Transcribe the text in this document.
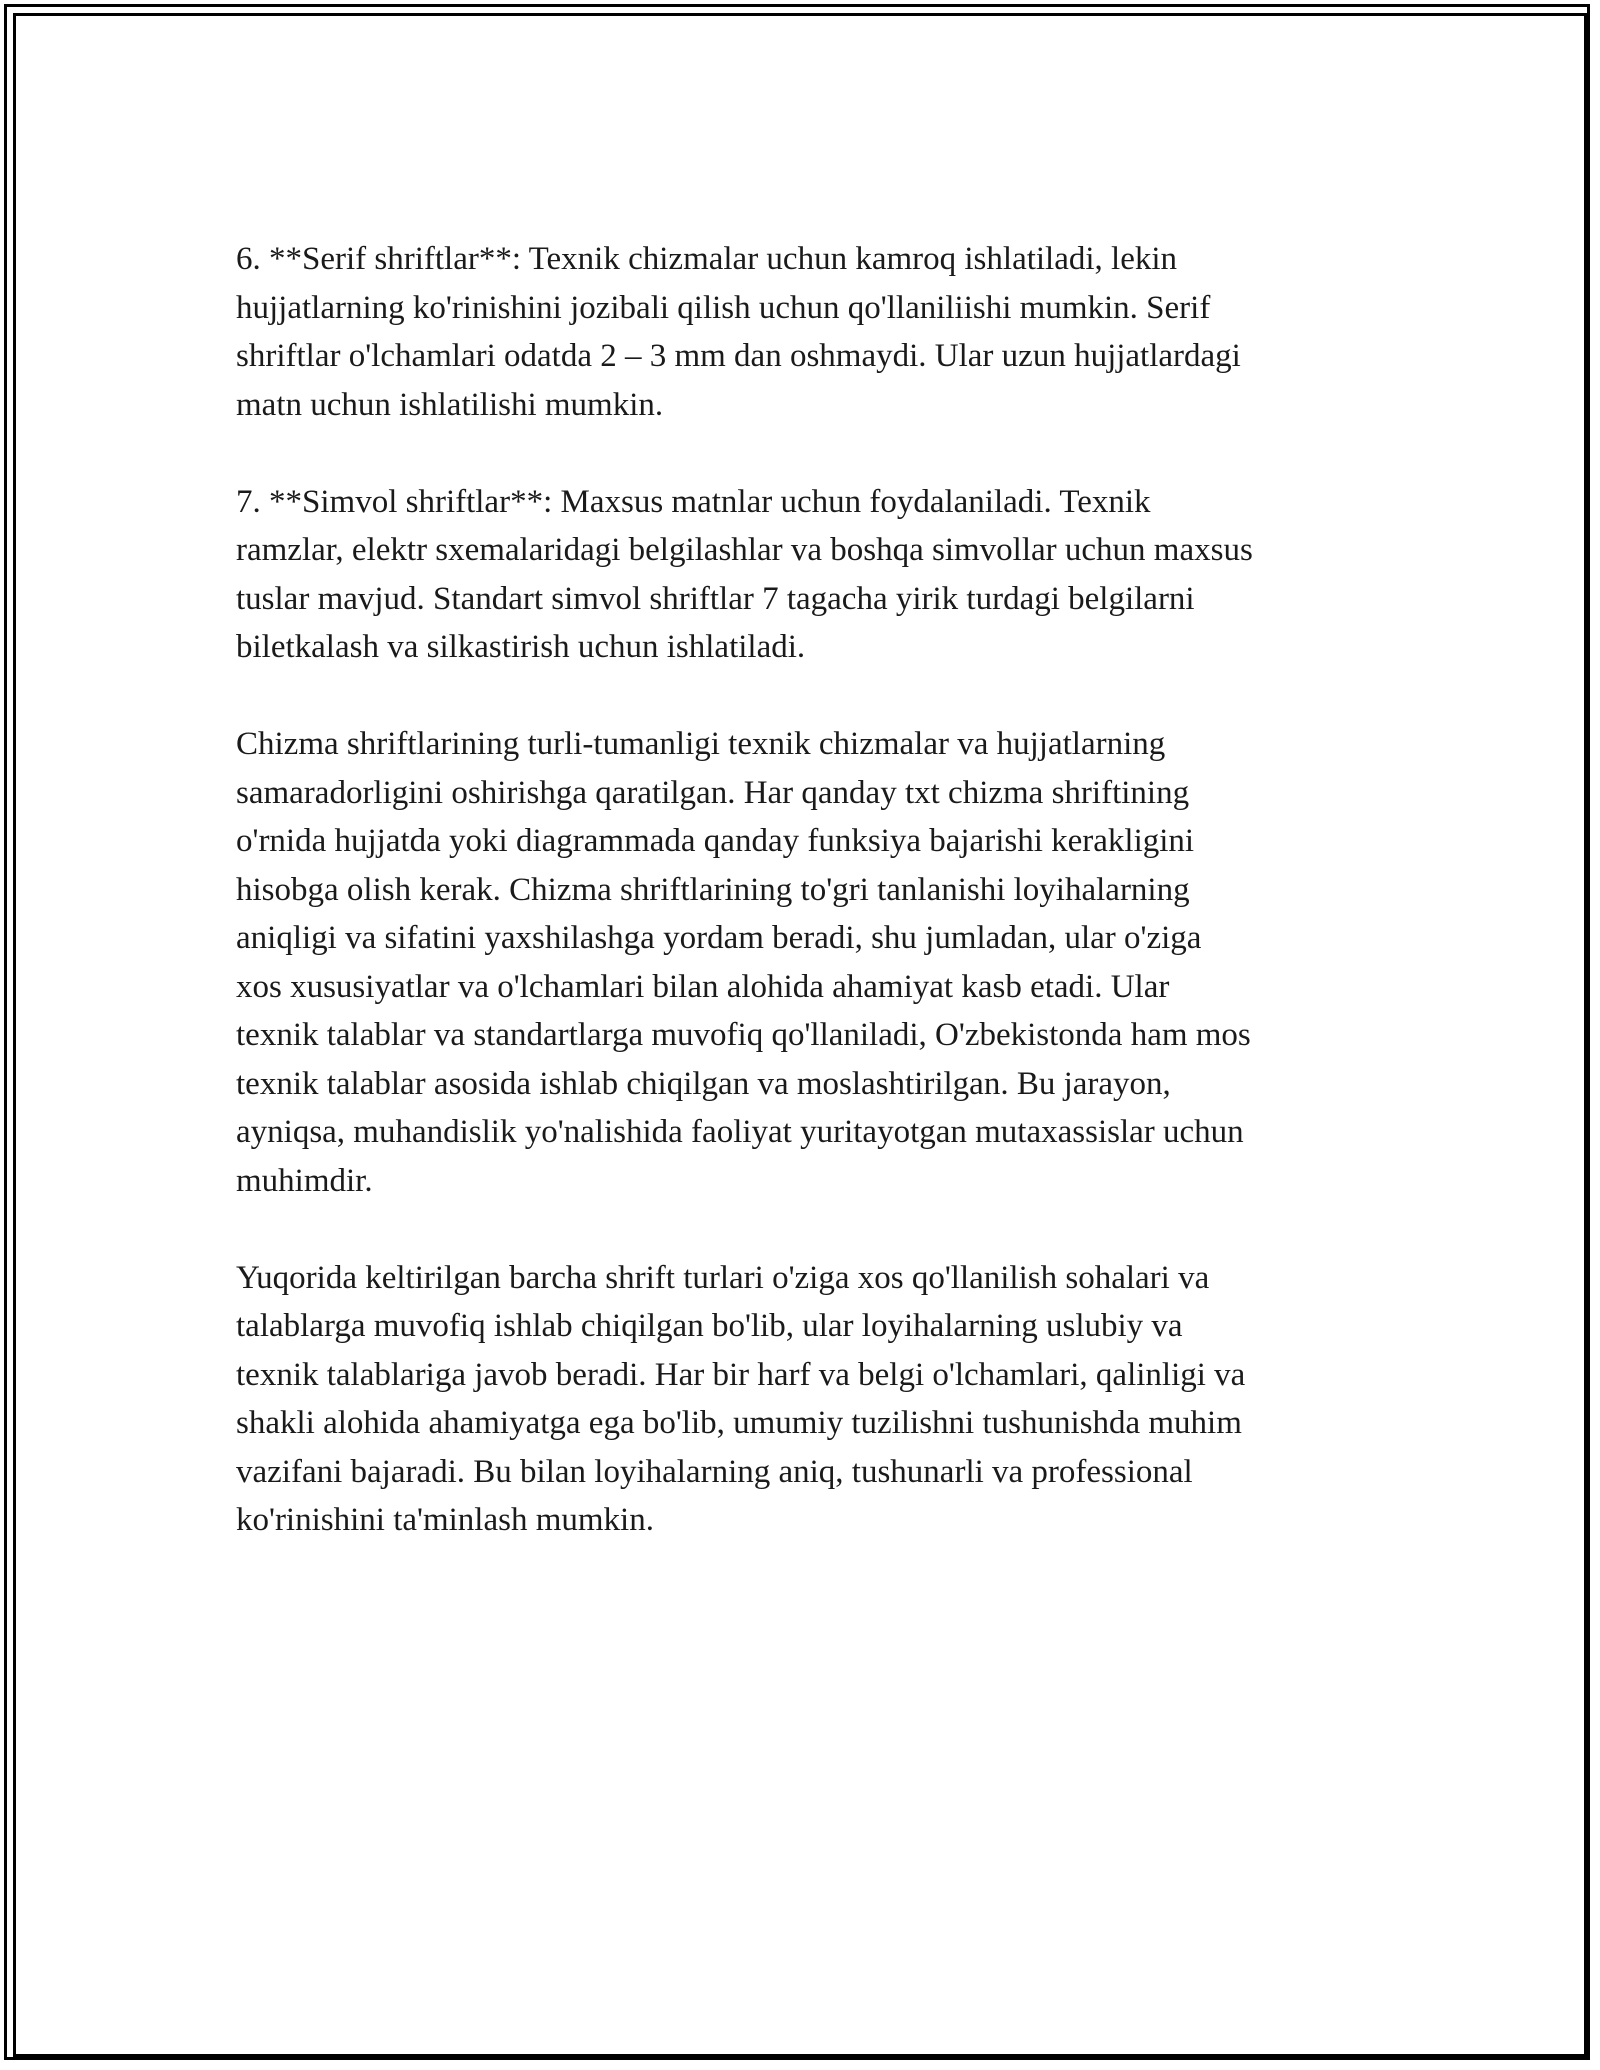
6. **Serif shriftlar**: Texnik chizmalar uchun kamroq ishlatiladi, lekin
hujjatlarning ko'rinishini jozibali qilish uchun qo'llaniliishi mumkin. Serif
shriftlar o'lchamlari odatda 2 – 3 mm dan oshmaydi. Ular uzun hujjatlardagi
matn uchun ishlatilishi mumkin.

7. **Simvol shriftlar**: Maxsus matnlar uchun foydalaniladi. Texnik
ramzlar, elektr sxemalaridagi belgilashlar va boshqa simvollar uchun maxsus
tuslar mavjud. Standart simvol shriftlar 7 tagacha yirik turdagi belgilarni
biletkalash va silkastirish uchun ishlatiladi.

Chizma shriftlarining turli-tumanligi texnik chizmalar va hujjatlarning
samaradorligini oshirishga qaratilgan. Har qanday txt chizma shriftining
o'rnida hujjatda yoki diagrammada qanday funksiya bajarishi kerakligini
hisobga olish kerak. Chizma shriftlarining to'gri tanlanishi loyihalarning
aniqligi va sifatini yaxshilashga yordam beradi, shu jumladan, ular o'ziga
xos xususiyatlar va o'lchamlari bilan alohida ahamiyat kasb etadi. Ular
texnik talablar va standartlarga muvofiq qo'llaniladi, O'zbekistonda ham mos
texnik talablar asosida ishlab chiqilgan va moslashtirilgan. Bu jarayon,
ayniqsa, muhandislik yo'nalishida faoliyat yuritayotgan mutaxassislar uchun
muhimdir.

Yuqorida keltirilgan barcha shrift turlari o'ziga xos qo'llanilish sohalari va
talablarga muvofiq ishlab chiqilgan bo'lib, ular loyihalarning uslubiy va
texnik talablariga javob beradi. Har bir harf va belgi o'lchamlari, qalinligi va
shakli alohida ahamiyatga ega bo'lib, umumiy tuzilishni tushunishda muhim
vazifani bajaradi. Bu bilan loyihalarning aniq, tushunarli va professional
ko'rinishini ta'minlash mumkin.
